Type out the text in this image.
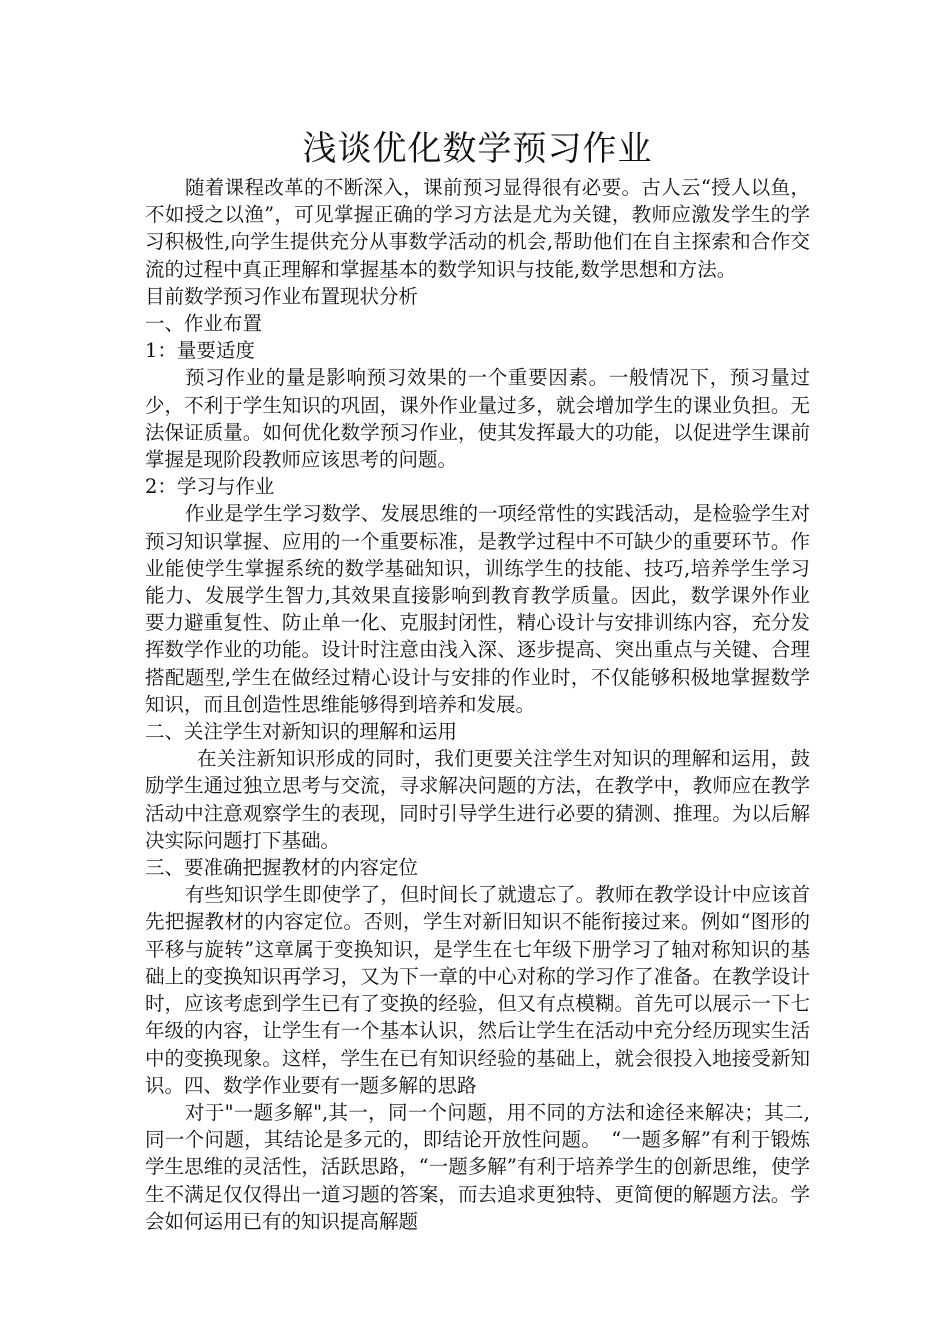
浅谈优化数学预习作业

随着课程改革的不断深入，课前预习显得很有必要。古人云“授人以鱼，不如授之以渔”，可见掌握正确的学习方法是尤为关键，教师应激发学生的学习积极性,向学生提供充分从事数学活动的机会,帮助他们在自主探索和合作交流的过程中真正理解和掌握基本的数学知识与技能,数学思想和方法。

目前数学预习作业布置现状分析

一、作业布置

1：量要适度

预习作业的量是影响预习效果的一个重要因素。一般情况下，预习量过少，不利于学生知识的巩固，课外作业量过多，就会增加学生的课业负担。无法保证质量。如何优化数学预习作业，使其发挥最大的功能，以促进学生课前掌握是现阶段教师应该思考的问题。

2：学习与作业

作业是学生学习数学、发展思维的一项经常性的实践活动，是检验学生对预习知识掌握、应用的一个重要标准，是教学过程中不可缺少的重要环节。作业能使学生掌握系统的数学基础知识，训练学生的技能、技巧,培养学生学习能力、发展学生智力,其效果直接影响到教育教学质量。因此，数学课外作业要力避重复性、防止单一化、克服封闭性，精心设计与安排训练内容，充分发挥数学作业的功能。设计时注意由浅入深、逐步提高、突出重点与关键、合理搭配题型,学生在做经过精心设计与安排的作业时，不仅能够积极地掌握数学知识，而且创造性思维能够得到培养和发展。

二、关注学生对新知识的理解和运用

在关注新知识形成的同时，我们更要关注学生对知识的理解和运用，鼓励学生通过独立思考与交流，寻求解决问题的方法，在教学中，教师应在教学活动中注意观察学生的表现，同时引导学生进行必要的猜测、推理。为以后解决实际问题打下基础。

三、要准确把握教材的内容定位

有些知识学生即使学了，但时间长了就遗忘了。教师在教学设计中应该首先把握教材的内容定位。否则，学生对新旧知识不能衔接过来。例如“图形的平移与旋转”这章属于变换知识，是学生在七年级下册学习了轴对称知识的基础上的变换知识再学习，又为下一章的中心对称的学习作了准备。在教学设计时，应该考虑到学生已有了变换的经验，但又有点模糊。首先可以展示一下七年级的内容，让学生有一个基本认识，然后让学生在活动中充分经历现实生活中的变换现象。这样，学生在已有知识经验的基础上，就会很投入地接受新知识。四、数学作业要有一题多解的思路

对于"一题多解",其一，同一个问题，用不同的方法和途径来解决；其二,同一个问题，其结论是多元的，即结论开放性问题。　“一题多解”有利于锻炼学生思维的灵活性，活跃思路，“一题多解”有利于培养学生的创新思维，使学生不满足仅仅得出一道习题的答案，而去追求更独特、更简便的解题方法。学会如何运用已有的知识提高解题
